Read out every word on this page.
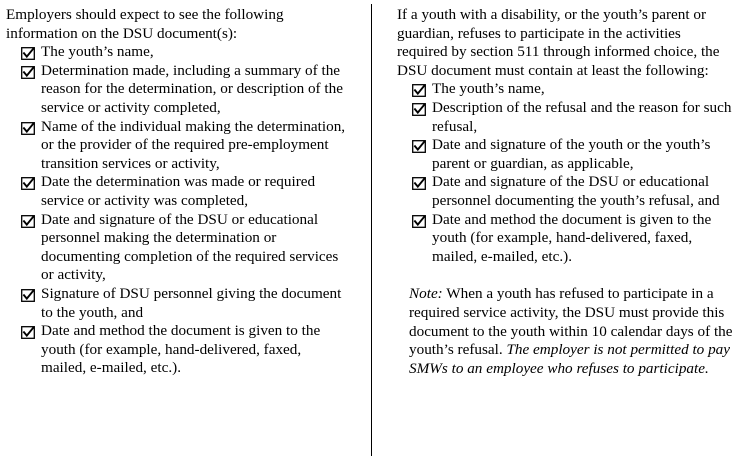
Employers should expect to see the following information on the DSU document(s):

The youth’s name,
Determination made, including a summary of the reason for the determination, or description of the service or activity completed,
Name of the individual making the determination, or the provider of the required pre-employment transition services or activity,
Date the determination was made or required service or activity was completed,
Date and signature of the DSU or educational personnel making the determination or documenting completion of the required services or activity,
Signature of DSU personnel giving the document to the youth, and
Date and method the document is given to the youth (for example, hand-delivered, faxed, mailed, e-mailed, etc.).

If a youth with a disability, or the youth’s parent or guardian, refuses to participate in the activities required by section 511 through informed choice, the DSU document must contain at least the following:

The youth’s name,
Description of the refusal and the reason for such refusal,
Date and signature of the youth or the youth’s parent or guardian, as applicable,
Date and signature of the DSU or educational personnel documenting the youth’s refusal, and
Date and method the document is given to the youth (for example, hand-delivered, faxed, mailed, e-mailed, etc.).

Note: When a youth has refused to participate in a required service activity, the DSU must provide this document to the youth within 10 calendar days of the youth’s refusal. The employer is not permitted to pay SMWs to an employee who refuses to participate.
